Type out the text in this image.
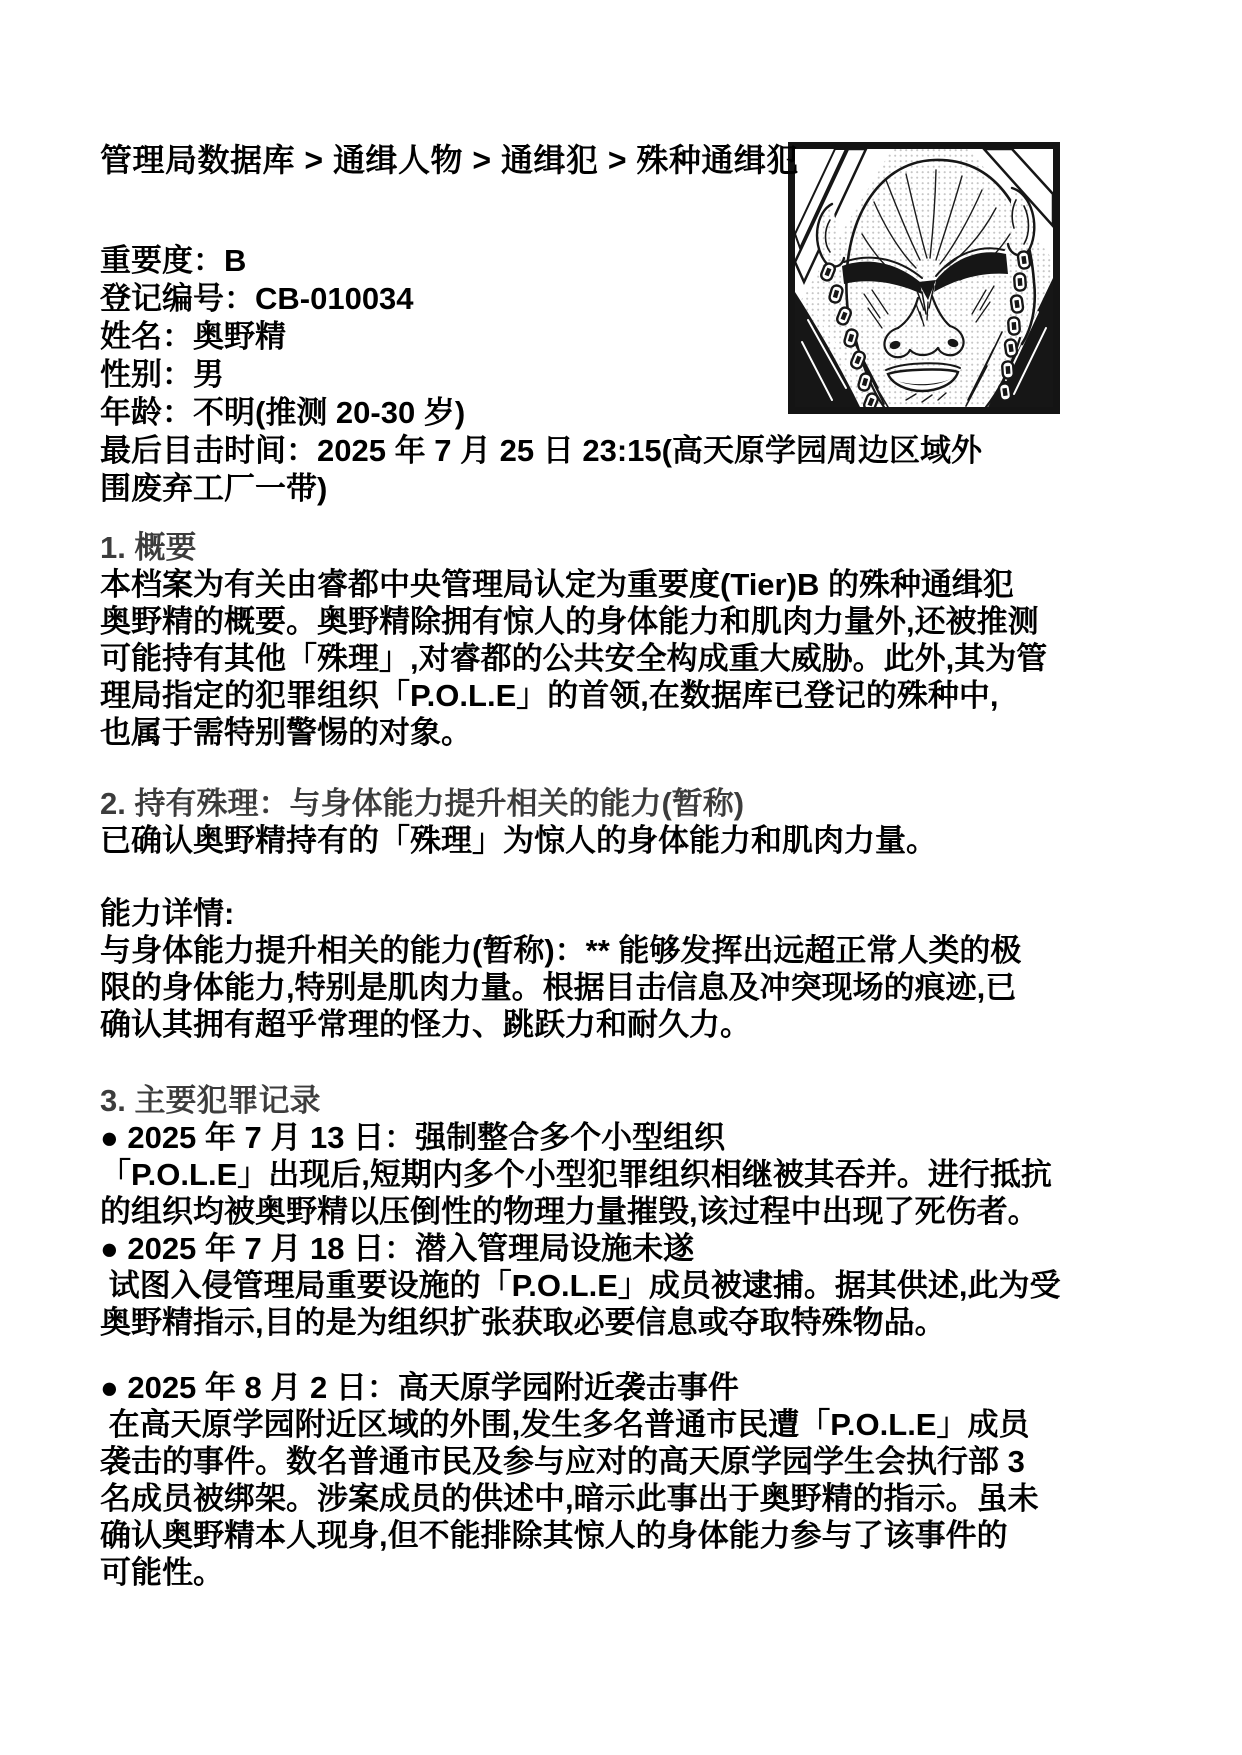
管理局数据库 > 通缉人物 > 通缉犯 > 殊种通缉犯
重要度：B
登记编号：CB-010034
姓名：奥野精
性别：男
年龄：不明(推测 20-30 岁)
最后目击时间：2025 年 7 月 25 日 23:15(高天原学园周边区域外
围废弃工厂一带)
1. 概要
本档案为有关由睿都中央管理局认定为重要度(Tier)B 的殊种通缉犯
奥野精的概要。奥野精除拥有惊人的身体能力和肌肉力量外,还被推测
可能持有其他「殊理」,对睿都的公共安全构成重大威胁。此外,其为管
理局指定的犯罪组织「P.O.L.E」的首领,在数据库已登记的殊种中,
也属于需特别警惕的对象。
2. 持有殊理：与身体能力提升相关的能力(暂称)
已确认奥野精持有的「殊理」为惊人的身体能力和肌肉力量。
能力详情:
与身体能力提升相关的能力(暂称)：** 能够发挥出远超正常人类的极
限的身体能力,特别是肌肉力量。根据目击信息及冲突现场的痕迹,已
确认其拥有超乎常理的怪力、跳跃力和耐久力。
3. 主要犯罪记录
● 2025 年 7 月 13 日：强制整合多个小型组织
「P.O.L.E」出现后,短期内多个小型犯罪组织相继被其吞并。进行抵抗
的组织均被奥野精以压倒性的物理力量摧毁,该过程中出现了死伤者。
● 2025 年 7 月 18 日：潜入管理局设施未遂
试图入侵管理局重要设施的「P.O.L.E」成员被逮捕。据其供述,此为受
奥野精指示,目的是为组织扩张获取必要信息或夺取特殊物品。
● 2025 年 8 月 2 日：高天原学园附近袭击事件
在高天原学园附近区域的外围,发生多名普通市民遭「P.O.L.E」成员
袭击的事件。数名普通市民及参与应对的高天原学园学生会执行部 3
名成员被绑架。涉案成员的供述中,暗示此事出于奥野精的指示。虽未
确认奥野精本人现身,但不能排除其惊人的身体能力参与了该事件的
可能性。
